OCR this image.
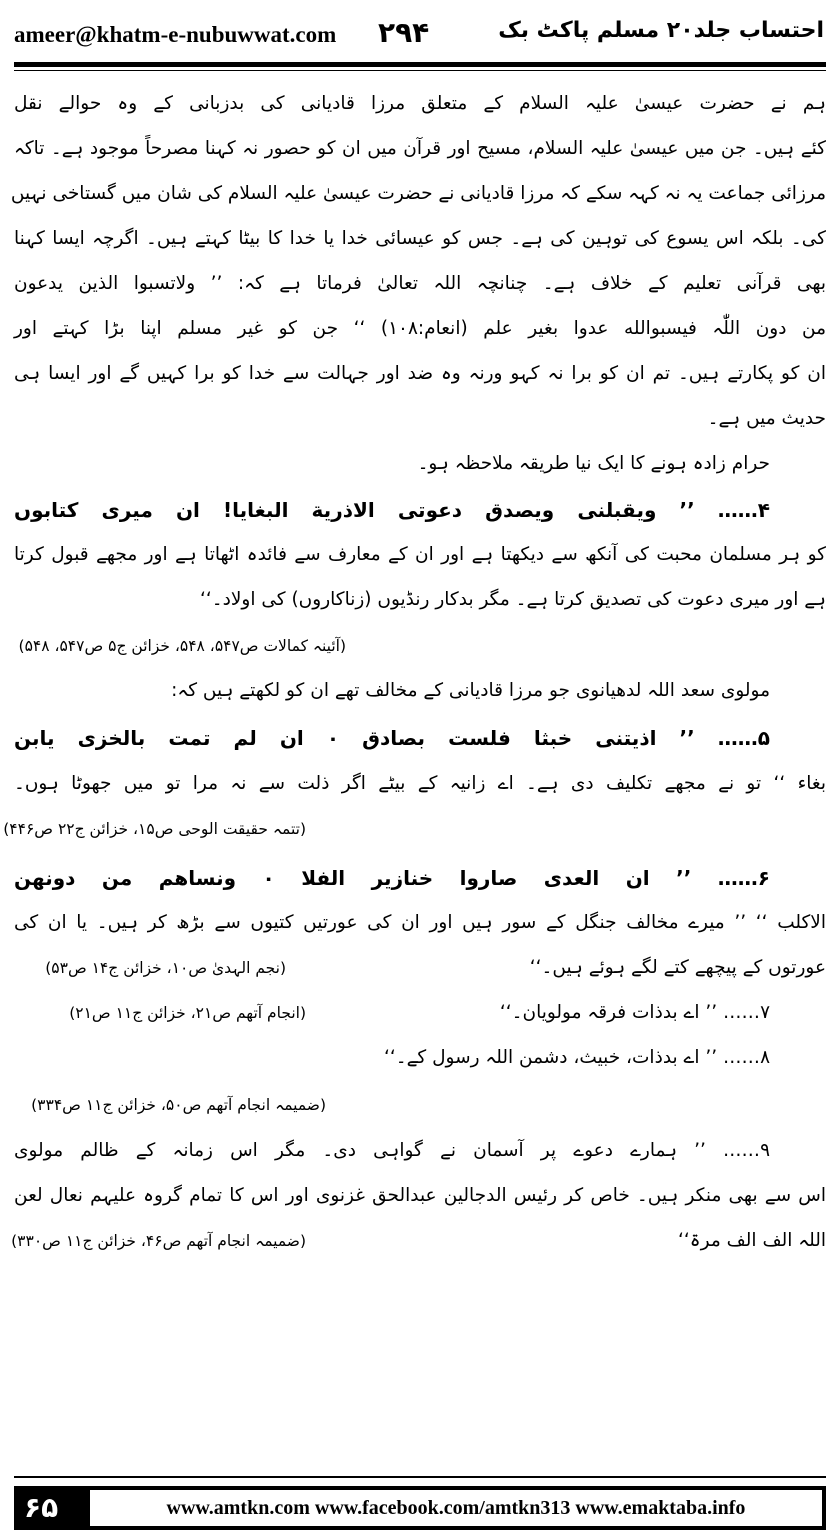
ameer@khatm-e-nubuwwat.com ۲۹۴	احتساب جلد۲۰ مسلم پاکٹ بک
ہم نے حضرت عیسیٰ علیہ السلام کے متعلق مرزا قادیانی کی بدزبانی کے وہ حوالے نقل
کئے ہیں۔ جن میں عیسیٰ علیہ السلام، مسیح اور قرآن میں ان کو حصور نہ کہنا مصرحاً موجود ہے۔ تاکہ
مرزائی جماعت یہ نہ کہہ سکے کہ مرزا قادیانی نے حضرت عیسیٰ علیہ السلام کی شان میں گستاخی نہیں
کی۔ بلکہ اس یسوع کی توہین کی ہے۔ جس کو عیسائی خدا یا خدا کا بیٹا کہتے ہیں۔ اگرچہ ایسا کہنا
بھی قرآنی تعلیم کے خلاف ہے۔ چنانچہ اللہ تعالیٰ فرماتا ہے کہ: ’’ ولاتسبوا الذین یدعون
من دون اللّٰہ فیسبوالله عدوا بغیر علم (انعام:۱۰۸) ‘‘ جن کو غیر مسلم اپنا بڑا کہتے اور
ان کو پکارتے ہیں۔ تم ان کو برا نہ کہو ورنہ وہ ضد اور جہالت سے خدا کو برا کہیں گے اور ایسا ہی
حدیث میں ہے۔
حرام زادہ ہونے کا ایک نیا طریقہ ملاحظہ ہو۔
۴…… ’’ ویقبلنی ویصدق دعوتی الاذریة البغایا! ان میری کتابوں
کو ہر مسلمان محبت کی آنکھ سے دیکھتا ہے اور ان کے معارف سے فائدہ اٹھاتا ہے اور مجھے قبول کرتا
ہے اور میری دعوت کی تصدیق کرتا ہے۔ مگر بدکار رنڈیوں (زناکاروں) کی اولاد۔‘‘
(آئینہ کمالات ص۵۴۷، ۵۴۸، خزائن ج۵ ص۵۴۷، ۵۴۸)
مولوی سعد اللہ لدھیانوی جو مرزا قادیانی کے مخالف تھے ان کو لکھتے ہیں کہ:
۵…… ’’ اذیتنی خبثا فلست بصادق ۰ ان لم تمت بالخزی یابن
بغاء ‘‘ تو نے مجھے تکلیف دی ہے۔ اے زانیہ کے بیٹے اگر ذلت سے نہ مرا تو میں جھوٹا ہوں۔
(تتمہ حقیقت الوحی ص۱۵، خزائن ج۲۲ ص۴۴۶)
۶…… ’’ ان العدی صاروا خنازیر الفلا ۰ ونساھم من دونھن
الاکلب ‘‘ ’’ میرے مخالف جنگل کے سور ہیں اور ان کی عورتیں کتیوں سے بڑھ کر ہیں۔ یا ان کی
عورتوں کے پیچھے کتے لگے ہوئے ہیں۔‘‘
(نجم الہدیٰ ص۱۰، خزائن ج۱۴ ص۵۳)
۷…… ’’ اے بدذات فرقہ مولویان۔‘‘
(انجام آتھم ص۲۱، خزائن ج۱۱ ص۲۱)
۸…… ’’ اے بدذات، خبیث، دشمن اللہ رسول کے۔‘‘
(ضمیمہ انجام آتھم ص۵۰، خزائن ج۱۱ ص۳۳۴)
۹…… ’’ ہمارے دعوے پر آسمان نے گواہی دی۔ مگر اس زمانہ کے ظالم مولوی
اس سے بھی منکر ہیں۔ خاص کر رئیس الدجالین عبدالحق غزنوی اور اس کا تمام گروہ علیہم نعال لعن
اللہ الف الف مرۃ‘‘
(ضمیمہ انجام آتھم ص۴۶، خزائن ج۱۱ ص۳۳۰)
۶۵	www.amtkn.com www.facebook.com/amtkn313 www.emaktaba.info
